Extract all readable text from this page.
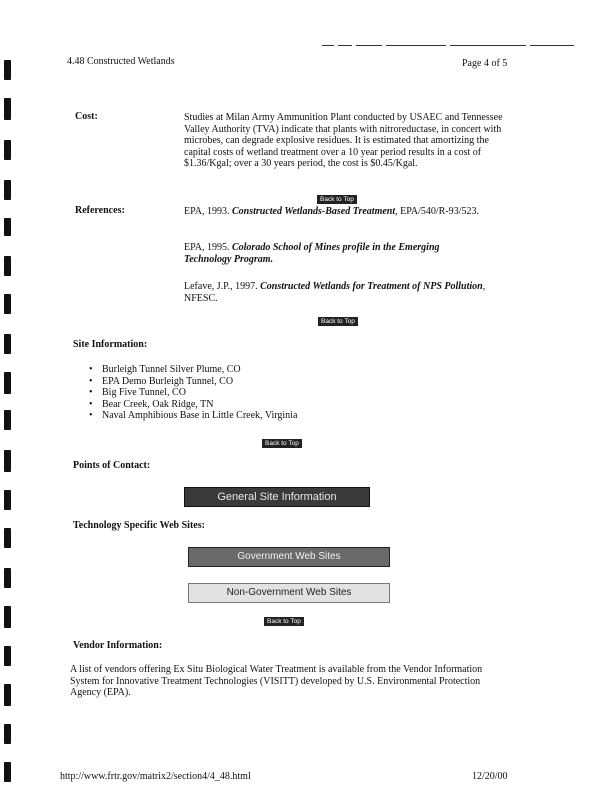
4.48 Constructed Wetlands	Page 4 of 5
Cost:	Studies at Milan Army Ammunition Plant conducted by USAEC and Tennessee Valley Authority (TVA) indicate that plants with nitroreductase, in concert with microbes, can degrade explosive residues. It is estimated that amortizing the capital costs of wetland treatment over a 10 year period results in a cost of $1.36/Kgal; over a 30 years period, the cost is $0.45/Kgal.
Back to Top
References:	EPA, 1993. Constructed Wetlands-Based Treatment, EPA/540/R-93/523.
EPA, 1995. Colorado School of Mines profile in the Emerging Technology Program.
Lefave, J.P., 1997. Constructed Wetlands for Treatment of NPS Pollution, NFESC.
Back to Top
Site Information:
• Burleigh Tunnel Silver Plume, CO
• EPA Demo Burleigh Tunnel, CO
• Big Five Tunnel, CO
• Bear Creek, Oak Ridge, TN
• Naval Amphibious Base in Little Creek, Virginia
Back to Top
Points of Contact:
General Site Information
Technology Specific Web Sites:
Government Web Sites
Non-Government Web Sites
Back to Top
Vendor Information:
A list of vendors offering Ex Situ Biological Water Treatment is available from the Vendor Information System for Innovative Treatment Technologies (VISITT) developed by U.S. Environmental Protection Agency (EPA).
http://www.frtr.gov/matrix2/section4/4_48.html	12/20/00
